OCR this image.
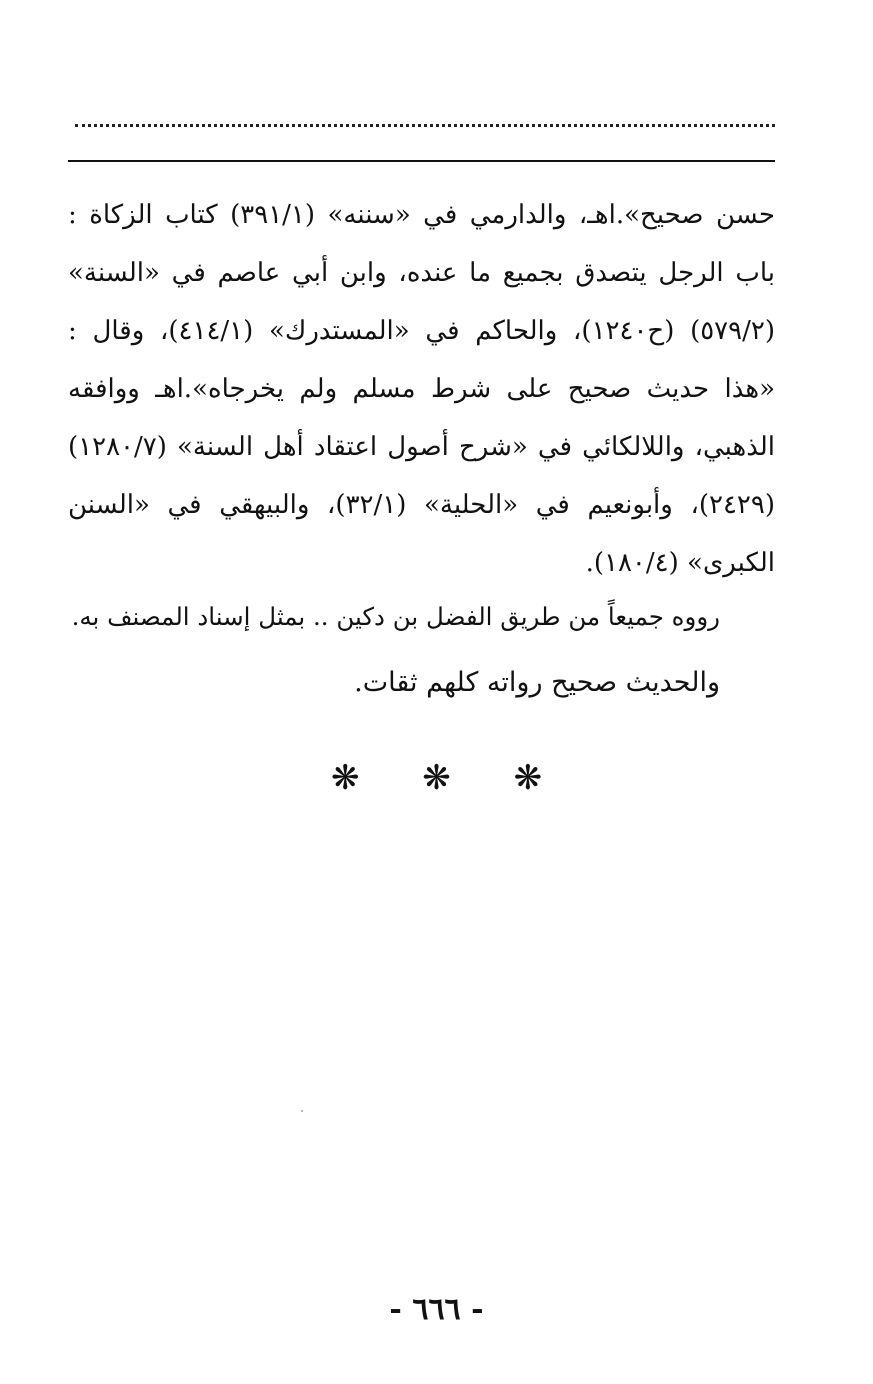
حسن صحيح».اهـ، والدارمي في «سننه» (٣٩١/١) كتاب الزكاة :
باب الرجل يتصدق بجميع ما عنده، وابن أبي عاصم في «السنة»
(٥٧٩/٢) (ح١٢٤٠)، والحاكم في «المستدرك» (٤١٤/١)، وقال :
«هذا حديث صحيح على شرط مسلم ولم يخرجاه».اهـ ووافقه
الذهبي، واللالكائي في «شرح أصول اعتقاد أهل السنة» (١٢٨٠/٧)
(٢٤٢٩)، وأبونعيم في «الحلية» (٣٢/١)، والبيهقي في «السنن
الكبرى» (١٨٠/٤).
رووه جميعاً من طريق الفضل بن دكين .. بمثل إسناد المصنف به.
والحديث صحيح رواته كلهم ثقات.
❋ ❋ ❋
- ٦٦٦ -
